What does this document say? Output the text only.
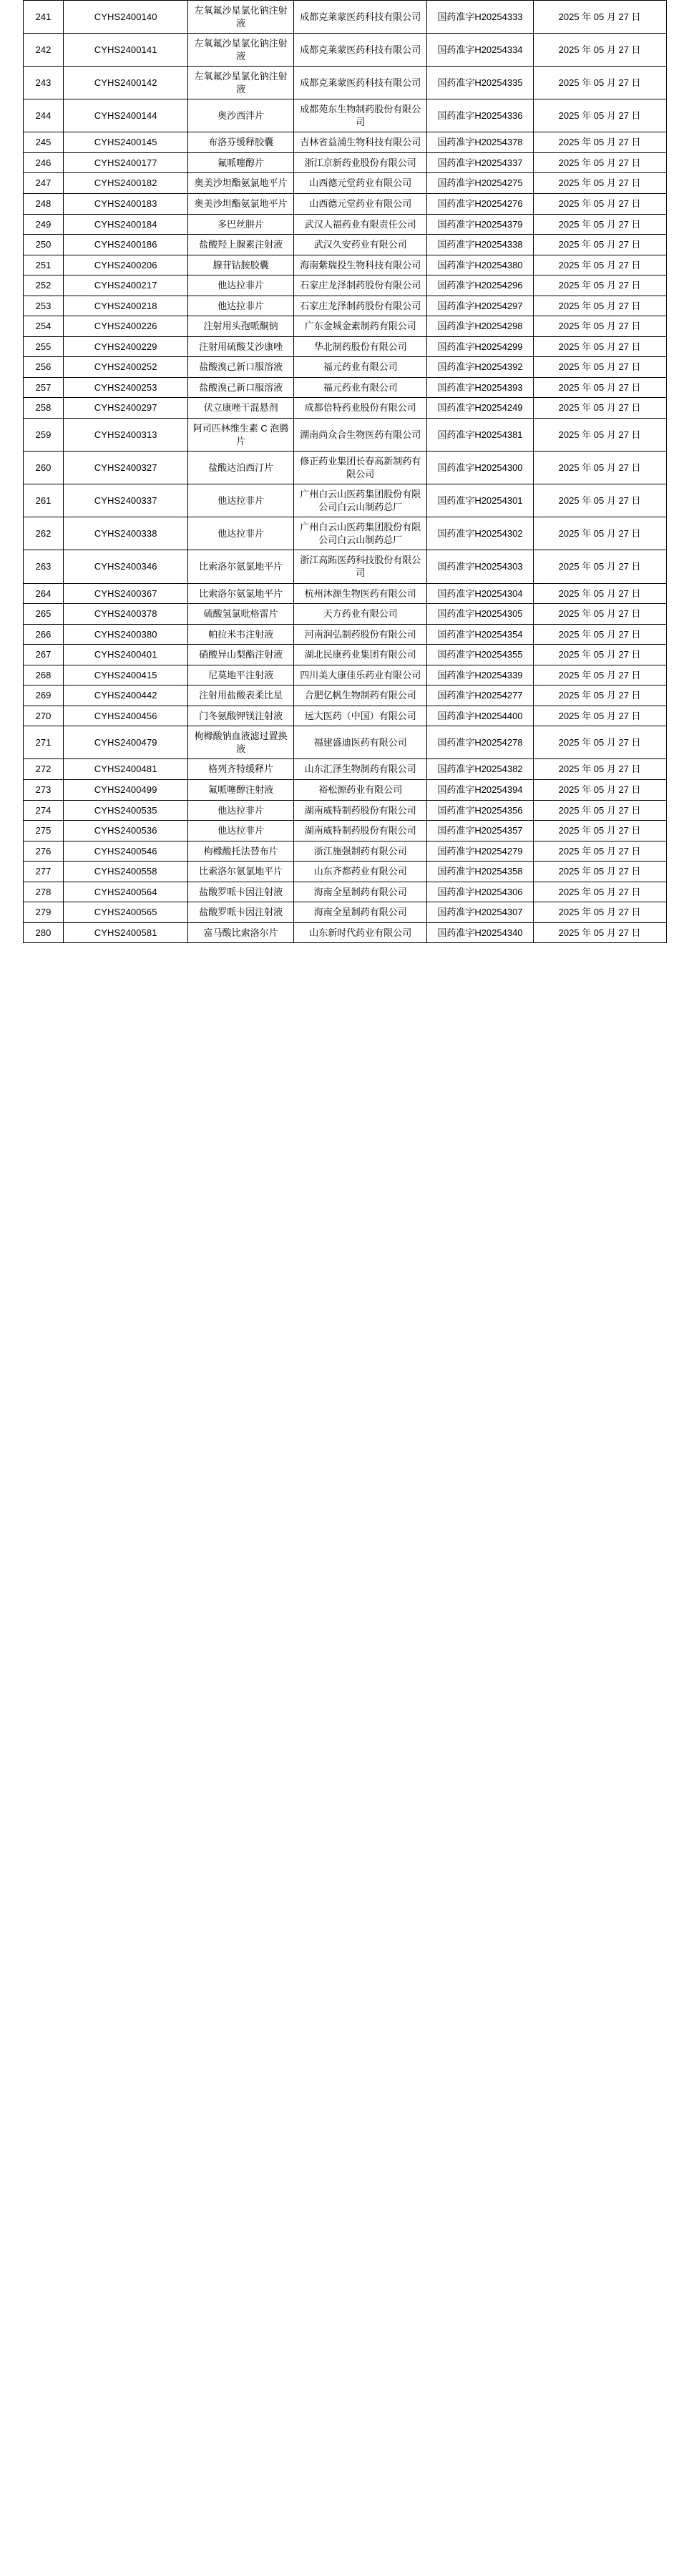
241	CYHS2400140	左氧氟沙星氯化钠注射液	成都克莱蒙医药科技有限公司	国药准字H20254333	2025 年 05 月 27 日
242	CYHS2400141	左氧氟沙星氯化钠注射液	成都克莱蒙医药科技有限公司	国药准字H20254334	2025 年 05 月 27 日
243	CYHS2400142	左氧氟沙星氯化钠注射液	成都克莱蒙医药科技有限公司	国药准字H20254335	2025 年 05 月 27 日
244	CYHS2400144	奥沙西泮片	成都苑东生物制药股份有限公司	国药准字H20254336	2025 年 05 月 27 日
245	CYHS2400145	布洛芬缓释胶囊	吉林省益浦生物科技有限公司	国药准字H20254378	2025 年 05 月 27 日
246	CYHS2400177	氟哌噻醇片	浙江京新药业股份有限公司	国药准字H20254337	2025 年 05 月 27 日
247	CYHS2400182	奥美沙坦酯氨氯地平片	山西德元堂药业有限公司	国药准字H20254275	2025 年 05 月 27 日
248	CYHS2400183	奥美沙坦酯氨氯地平片	山西德元堂药业有限公司	国药准字H20254276	2025 年 05 月 27 日
249	CYHS2400184	多巴丝肼片	武汉人福药业有限责任公司	国药准字H20254379	2025 年 05 月 27 日
250	CYHS2400186	盐酸羟上腺素注射液	武汉久安药业有限公司	国药准字H20254338	2025 年 05 月 27 日
251	CYHS2400206	腺苷钴胺胶囊	海南紫瑞投生物科技有限公司	国药准字H20254380	2025 年 05 月 27 日
252	CYHS2400217	他达拉非片	石家庄龙泽制药股份有限公司	国药准字H20254296	2025 年 05 月 27 日
253	CYHS2400218	他达拉非片	石家庄龙泽制药股份有限公司	国药准字H20254297	2025 年 05 月 27 日
254	CYHS2400226	注射用头孢哌酮钠	广东金城金素制药有限公司	国药准字H20254298	2025 年 05 月 27 日
255	CYHS2400229	注射用硫酸艾沙康唑	华北制药股份有限公司	国药准字H20254299	2025 年 05 月 27 日
256	CYHS2400252	盐酸溴己新口服溶液	福元药业有限公司	国药准字H20254392	2025 年 05 月 27 日
257	CYHS2400253	盐酸溴己新口服溶液	福元药业有限公司	国药准字H20254393	2025 年 05 月 27 日
258	CYHS2400297	伏立康唑干混悬剂	成都倍特药业股份有限公司	国药准字H20254249	2025 年 05 月 27 日
259	CYHS2400313	阿司匹林维生素 C 泡腾片	湖南尚众合生物医药有限公司	国药准字H20254381	2025 年 05 月 27 日
260	CYHS2400327	盐酸达泊西汀片	修正药业集团长春高新制药有限公司	国药准字H20254300	2025 年 05 月 27 日
261	CYHS2400337	他达拉非片	广州白云山医药集团股份有限公司白云山制药总厂	国药准字H20254301	2025 年 05 月 27 日
262	CYHS2400338	他达拉非片	广州白云山医药集团股份有限公司白云山制药总厂	国药准字H20254302	2025 年 05 月 27 日
263	CYHS2400346	比索洛尔氨氯地平片	浙江高跖医药科技股份有限公司	国药准字H20254303	2025 年 05 月 27 日
264	CYHS2400367	比索洛尔氨氯地平片	杭州沐源生物医药有限公司	国药准字H20254304	2025 年 05 月 27 日
265	CYHS2400378	硫酸氢氯吡格雷片	天方药业有限公司	国药准字H20254305	2025 年 05 月 27 日
266	CYHS2400380	帕拉米韦注射液	河南润弘制药股份有限公司	国药准字H20254354	2025 年 05 月 27 日
267	CYHS2400401	硝酸异山梨酯注射液	湖北民康药业集团有限公司	国药准字H20254355	2025 年 05 月 27 日
268	CYHS2400415	尼莫地平注射液	四川美大康佳乐药业有限公司	国药准字H20254339	2025 年 05 月 27 日
269	CYHS2400442	注射用盐酸表柔比星	合肥亿帆生物制药有限公司	国药准字H20254277	2025 年 05 月 27 日
270	CYHS2400456	门冬氨酸钾镁注射液	远大医药（中国）有限公司	国药准字H20254400	2025 年 05 月 27 日
271	CYHS2400479	枸橼酸钠血液滤过置换液	福建盛迪医药有限公司	国药准字H20254278	2025 年 05 月 27 日
272	CYHS2400481	格列齐特缓释片	山东汇泽生物制药有限公司	国药准字H20254382	2025 年 05 月 27 日
273	CYHS2400499	氟哌噻醇注射液	裕松源药业有限公司	国药准字H20254394	2025 年 05 月 27 日
274	CYHS2400535	他达拉非片	湖南威特制药股份有限公司	国药准字H20254356	2025 年 05 月 27 日
275	CYHS2400536	他达拉非片	湖南威特制药股份有限公司	国药准字H20254357	2025 年 05 月 27 日
276	CYHS2400546	枸橼酸托法替布片	浙江施强制药有限公司	国药准字H20254279	2025 年 05 月 27 日
277	CYHS2400558	比索洛尔氨氯地平片	山东齐都药业有限公司	国药准字H20254358	2025 年 05 月 27 日
278	CYHS2400564	盐酸罗哌卡因注射液	海南全星制药有限公司	国药准字H20254306	2025 年 05 月 27 日
279	CYHS2400565	盐酸罗哌卡因注射液	海南全星制药有限公司	国药准字H20254307	2025 年 05 月 27 日
280	CYHS2400581	富马酸比索洛尔片	山东新时代药业有限公司	国药准字H20254340	2025 年 05 月 27 日
